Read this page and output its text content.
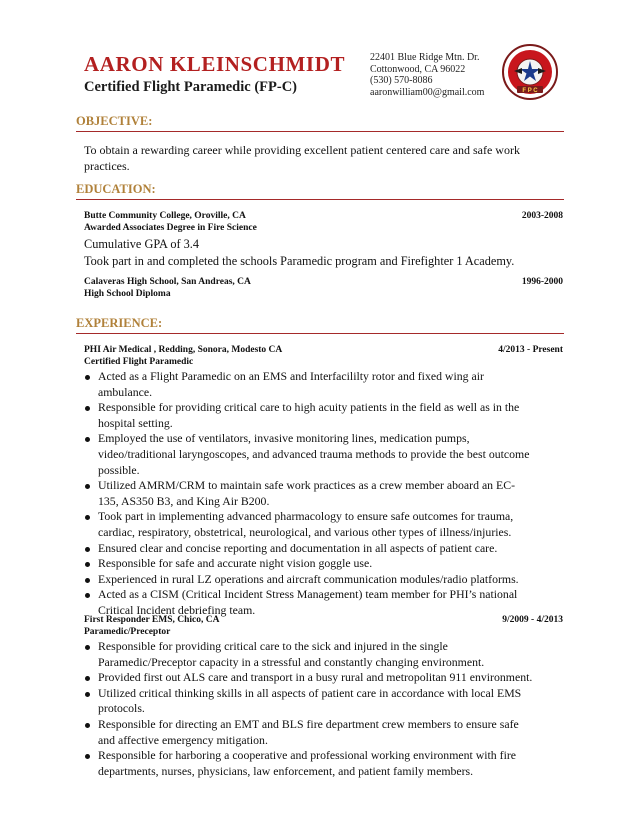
AARON KLEINSCHMIDT
Certified Flight Paramedic (FP-C)
22401 Blue Ridge Mtn. Dr.
Cottonwood, CA 96022
(530) 570-8086
aaronwilliam00@gmail.com	F P C
OBJECTIVE:
To obtain a rewarding career while providing excellent patient centered care and safe work
practices.
EDUCATION:
Butte Community College, Oroville, CA	2003-2008
Awarded Associates Degree in Fire Science
Cumulative GPA of 3.4
Took part in and completed the schools Paramedic program and Firefighter 1 Academy.
Calaveras High School, San Andreas, CA	1996-2000
High School Diploma
EXPERIENCE:
PHI Air Medical , Redding, Sonora, Modesto CA	4/2013 - Present
Certified Flight Paramedic
Acted as a Flight Paramedic on an EMS and Interfacililty rotor and fixed wing air
ambulance.
Responsible for providing critical care to high acuity patients in the field as well as in the
hospital setting.
Employed the use of ventilators, invasive monitoring lines, medication pumps,
video/traditional laryngoscopes, and advanced trauma methods to provide the best outcome
possible.
Utilized AMRM/CRM to maintain safe work practices as a crew member aboard an EC-
135, AS350 B3, and King Air B200.
Took part in implementing advanced pharmacology to ensure safe outcomes for trauma,
cardiac, respiratory, obstetrical, neurological, and various other types of illness/injuries.
Ensured clear and concise reporting and documentation in all aspects of patient care.
Responsible for safe and accurate night vision goggle use.
Experienced in rural LZ operations and aircraft communication modules/radio platforms.
Acted as a CISM (Critical Incident Stress Management) team member for PHI’s national
Critical Incident debriefing team.
First Responder EMS, Chico, CA	9/2009 - 4/2013
Paramedic/Preceptor
Responsible for providing critical care to the sick and injured in the single
Paramedic/Preceptor capacity in a stressful and constantly changing environment.
Provided first out ALS care and transport in a busy rural and metropolitan 911 environment.
Utilized critical thinking skills in all aspects of patient care in accordance with local EMS
protocols.
Responsible for directing an EMT and BLS fire department crew members to ensure safe
and affective emergency mitigation.
Responsible for harboring a cooperative and professional working environment with fire
departments, nurses, physicians, law enforcement, and patient family members.
